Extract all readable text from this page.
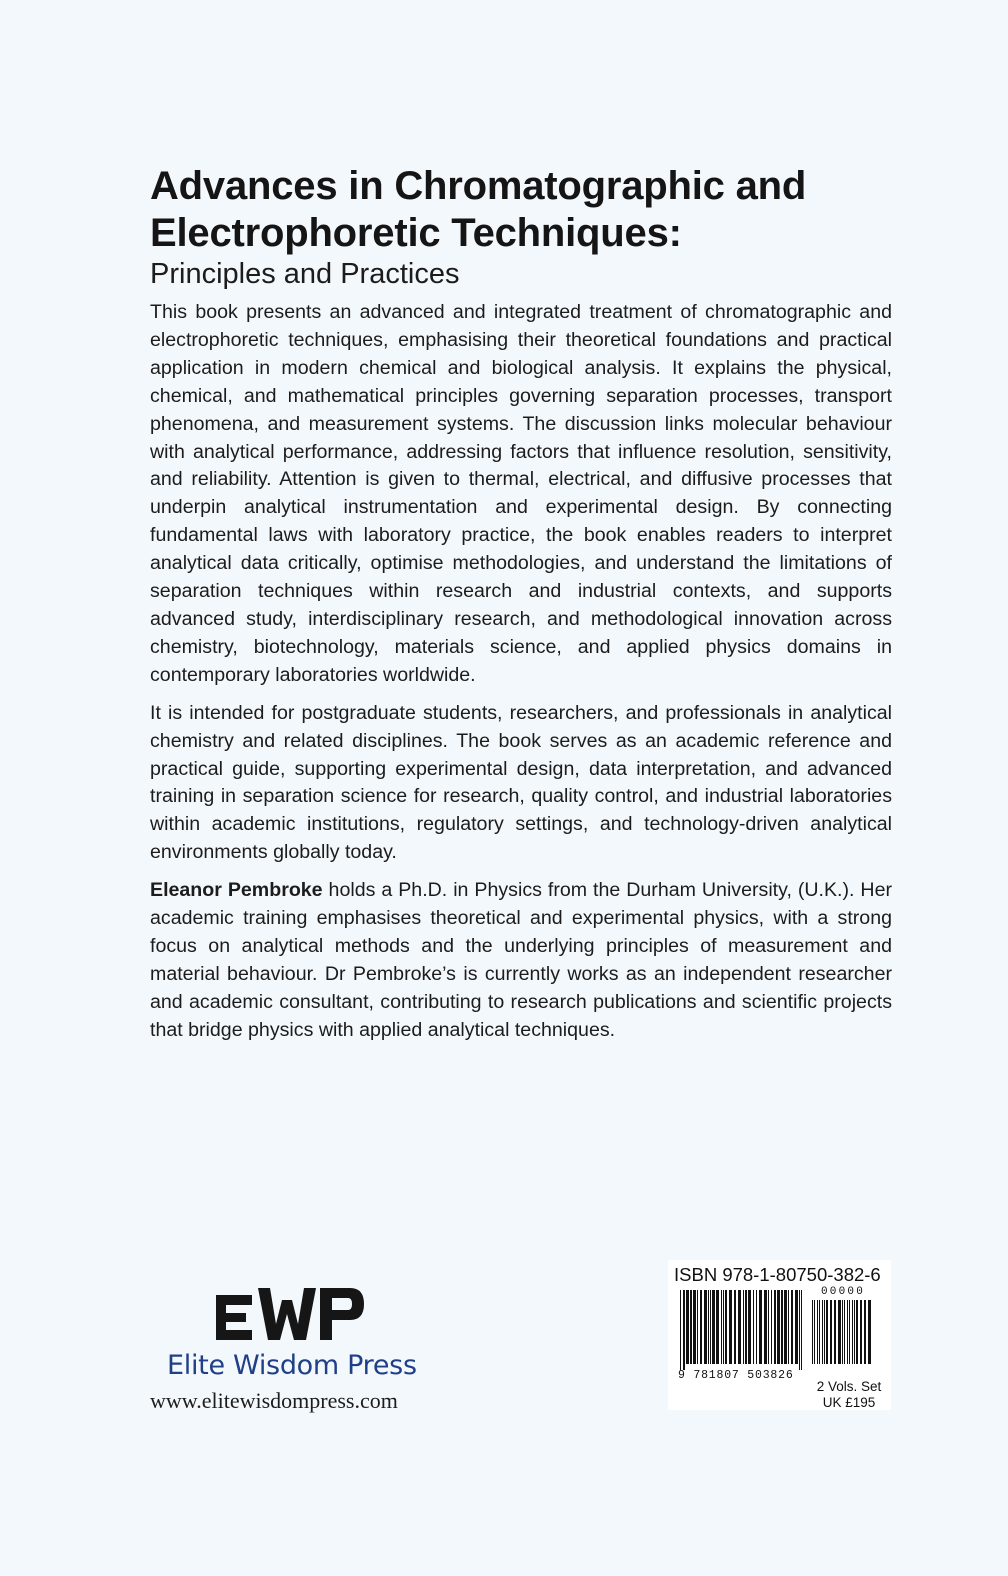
Advances in Chromatographic and
Electrophoretic Techniques:

Principles and Practices

This book presents an advanced and integrated treatment of chromatographic and electrophoretic techniques, emphasising their theoretical foundations and practical application in modern chemical and biological analysis. It explains the physical, chemical, and mathematical principles governing separation processes, transport phenomena, and measurement systems. The discussion links molecular behaviour with analytical performance, addressing factors that influence resolution, sensitivity, and reliability. Attention is given to thermal, electrical, and diffusive processes that underpin analytical instrumentation and experimental design. By connecting fundamental laws with laboratory practice, the book enables readers to interpret analytical data critically, optimise methodologies, and understand the limitations of separation techniques within research and industrial contexts, and supports advanced study, interdisciplinary research, and methodological innovation across chemistry, biotechnology, materials science, and applied physics domains in contemporary laboratories worldwide.

It is intended for postgraduate students, researchers, and professionals in analytical chemistry and related disciplines. The book serves as an academic reference and practical guide, supporting experimental design, data interpretation, and advanced training in separation science for research, quality control, and industrial laboratories within academic institutions, regulatory settings, and technology-driven analytical environments globally today.

Eleanor Pembroke holds a Ph.D. in Physics from the Durham University, (U.K.). Her academic training emphasises theoretical and experimental physics, with a strong focus on analytical methods and the underlying principles of measurement and material behaviour. Dr Pembroke’s is currently works as an independent researcher and academic consultant, contributing to research publications and scientific projects that bridge physics with applied analytical techniques.

Elite Wisdom Press
www.elitewisdompress.com
ISBN 978-1-80750-382-6
00000
9 781807 503826
2 Vols. Set
UK £195
